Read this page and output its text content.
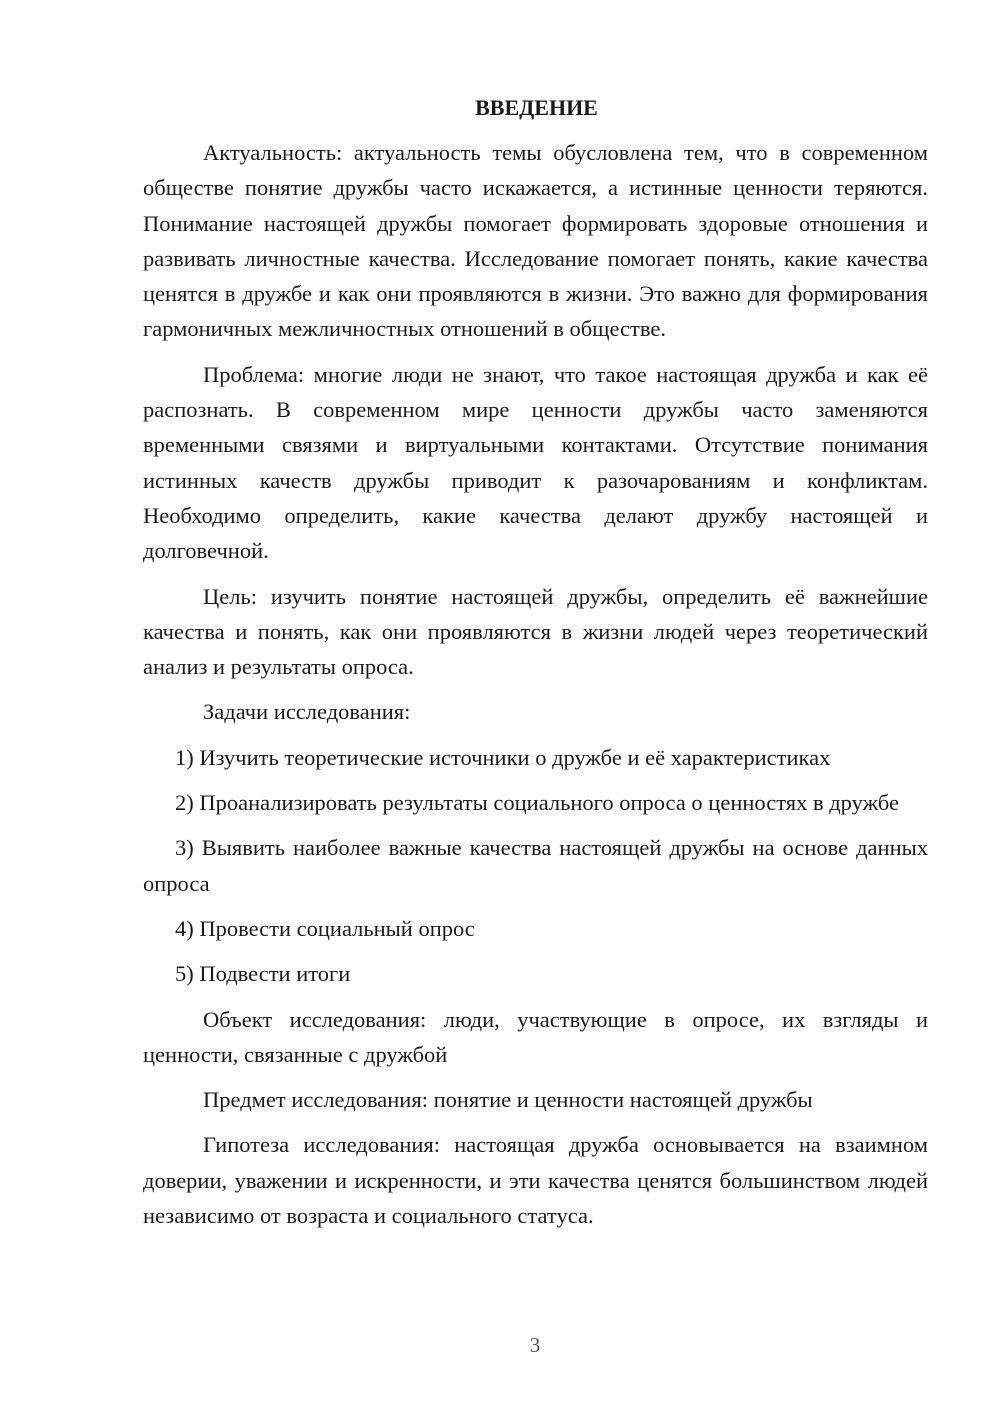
ВВЕДЕНИЕ

Актуальность: актуальность темы обусловлена тем, что в современном обществе понятие дружбы часто искажается, а истинные ценности теряются. Понимание настоящей дружбы помогает формировать здоровые отношения и развивать личностные качества. Исследование помогает понять, какие качества ценятся в дружбе и как они проявляются в жизни. Это важно для формирования гармоничных межличностных отношений в обществе.

Проблема: многие люди не знают, что такое настоящая дружба и как её распознать. В современном мире ценности дружбы часто заменяются временными связями и виртуальными контактами. Отсутствие понимания истинных качеств дружбы приводит к разочарованиям и конфликтам. Необходимо определить, какие качества делают дружбу настоящей и долговечной.

Цель: изучить понятие настоящей дружбы, определить её важнейшие качества и понять, как они проявляются в жизни людей через теоретический анализ и результаты опроса.

Задачи исследования:

1) Изучить теоретические источники о дружбе и её характеристиках

2) Проанализировать результаты социального опроса о ценностях в дружбе

3) Выявить наиболее важные качества настоящей дружбы на основе данных опроса

4) Провести социальный опрос

5) Подвести итоги

Объект исследования: люди, участвующие в опросе, их взгляды и ценности, связанные с дружбой

Предмет исследования: понятие и ценности настоящей дружбы

Гипотеза исследования: настоящая дружба основывается на взаимном доверии, уважении и искренности, и эти качества ценятся большинством людей независимо от возраста и социального статуса.

3
